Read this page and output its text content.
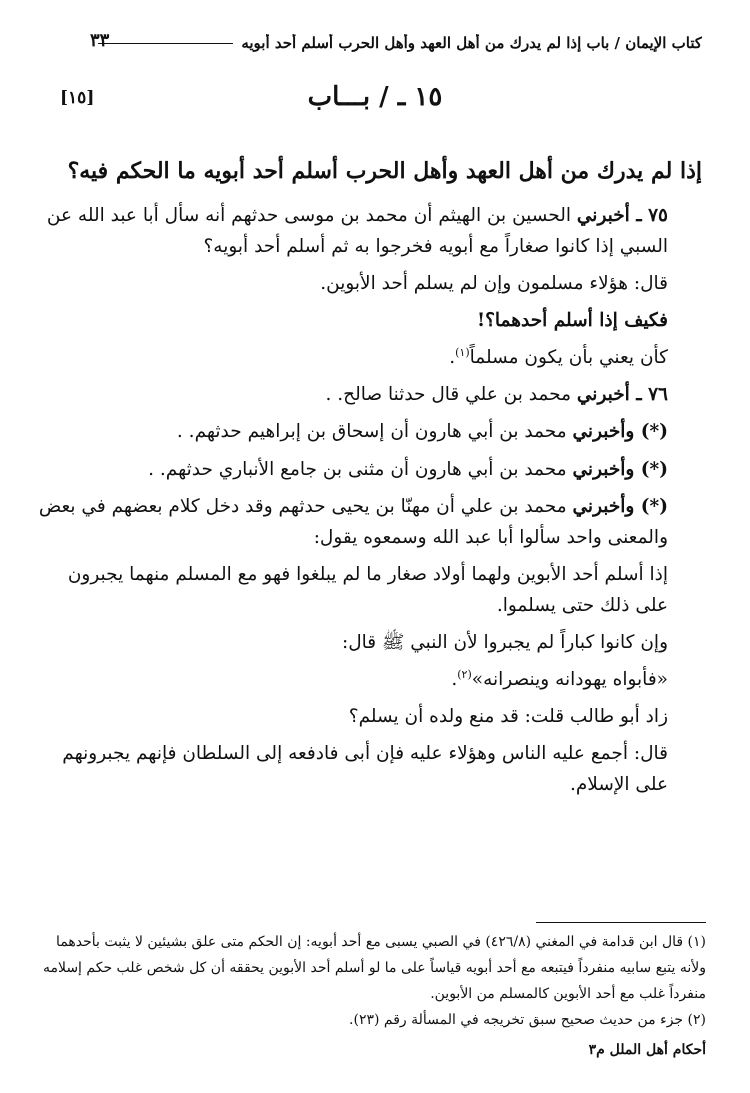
كتاب الإيمان / باب إذا لم يدرك من أهل العهد وأهل الحرب أسلم أحد أبويه
٣٣
١٥ ـ / بـــاب
[١٥]
إذا لم يدرك من أهل العهد وأهل الحرب أسلم أحد أبويه ما الحكم فيه؟

٧٥ ـ أخبرني الحسين بن الهيثم أن محمد بن موسى حدثهم أنه سأل أبا عبد الله عن السبي إذا كانوا صغاراً مع أبويه فخرجوا به ثم أسلم أحد أبويه؟

قال: هؤلاء مسلمون وإن لم يسلم أحد الأبوين.

فكيف إذا أسلم أحدهما؟!

كأن يعني بأن يكون مسلماً$^{(١)}$.

٧٦ ـ أخبرني محمد بن علي قال حدثنا صالح. .

(*) وأخبرني محمد بن أبي هارون أن إسحاق بن إبراهيم حدثهم. .

(*) وأخبرني محمد بن أبي هارون أن مثنى بن جامع الأنباري حدثهم. .

(*) وأخبرني محمد بن علي أن مهنّا بن يحيى حدثهم وقد دخل كلام بعضهم في بعض والمعنى واحد سألوا أبا عبد الله وسمعوه يقول:

إذا أسلم أحد الأبوين ولهما أولاد صغار ما لم يبلغوا فهو مع المسلم منهما يجبرون على ذلك حتى يسلموا.

وإن كانوا كباراً لم يجبروا لأن النبي ﷺ قال:

«فأبواه يهودانه وينصرانه»$^{(٢)}$.

زاد أبو طالب قلت: قد منع ولده أن يسلم؟

قال: أجمع عليه الناس وهؤلاء عليه فإن أبى فادفعه إلى السلطان فإنهم يجبرونهم على الإسلام.

(١) قال ابن قدامة في المغني (٤٢٦/٨) في الصبي يسبى مع أحد أبويه: إن الحكم متى علق بشيئين لا يثبت بأحدهما ولأنه يتبع سابيه منفرداً فيتبعه مع أحد أبويه قياساً على ما لو أسلم أحد الأبوين يحققه أن كل شخص غلب حكم إسلامه منفرداً غلب مع أحد الأبوين كالمسلم من الأبوين.

(٢) جزء من حديث صحيح سبق تخريجه في المسألة رقم (٢٣).

أحكام أهل الملل م٣
